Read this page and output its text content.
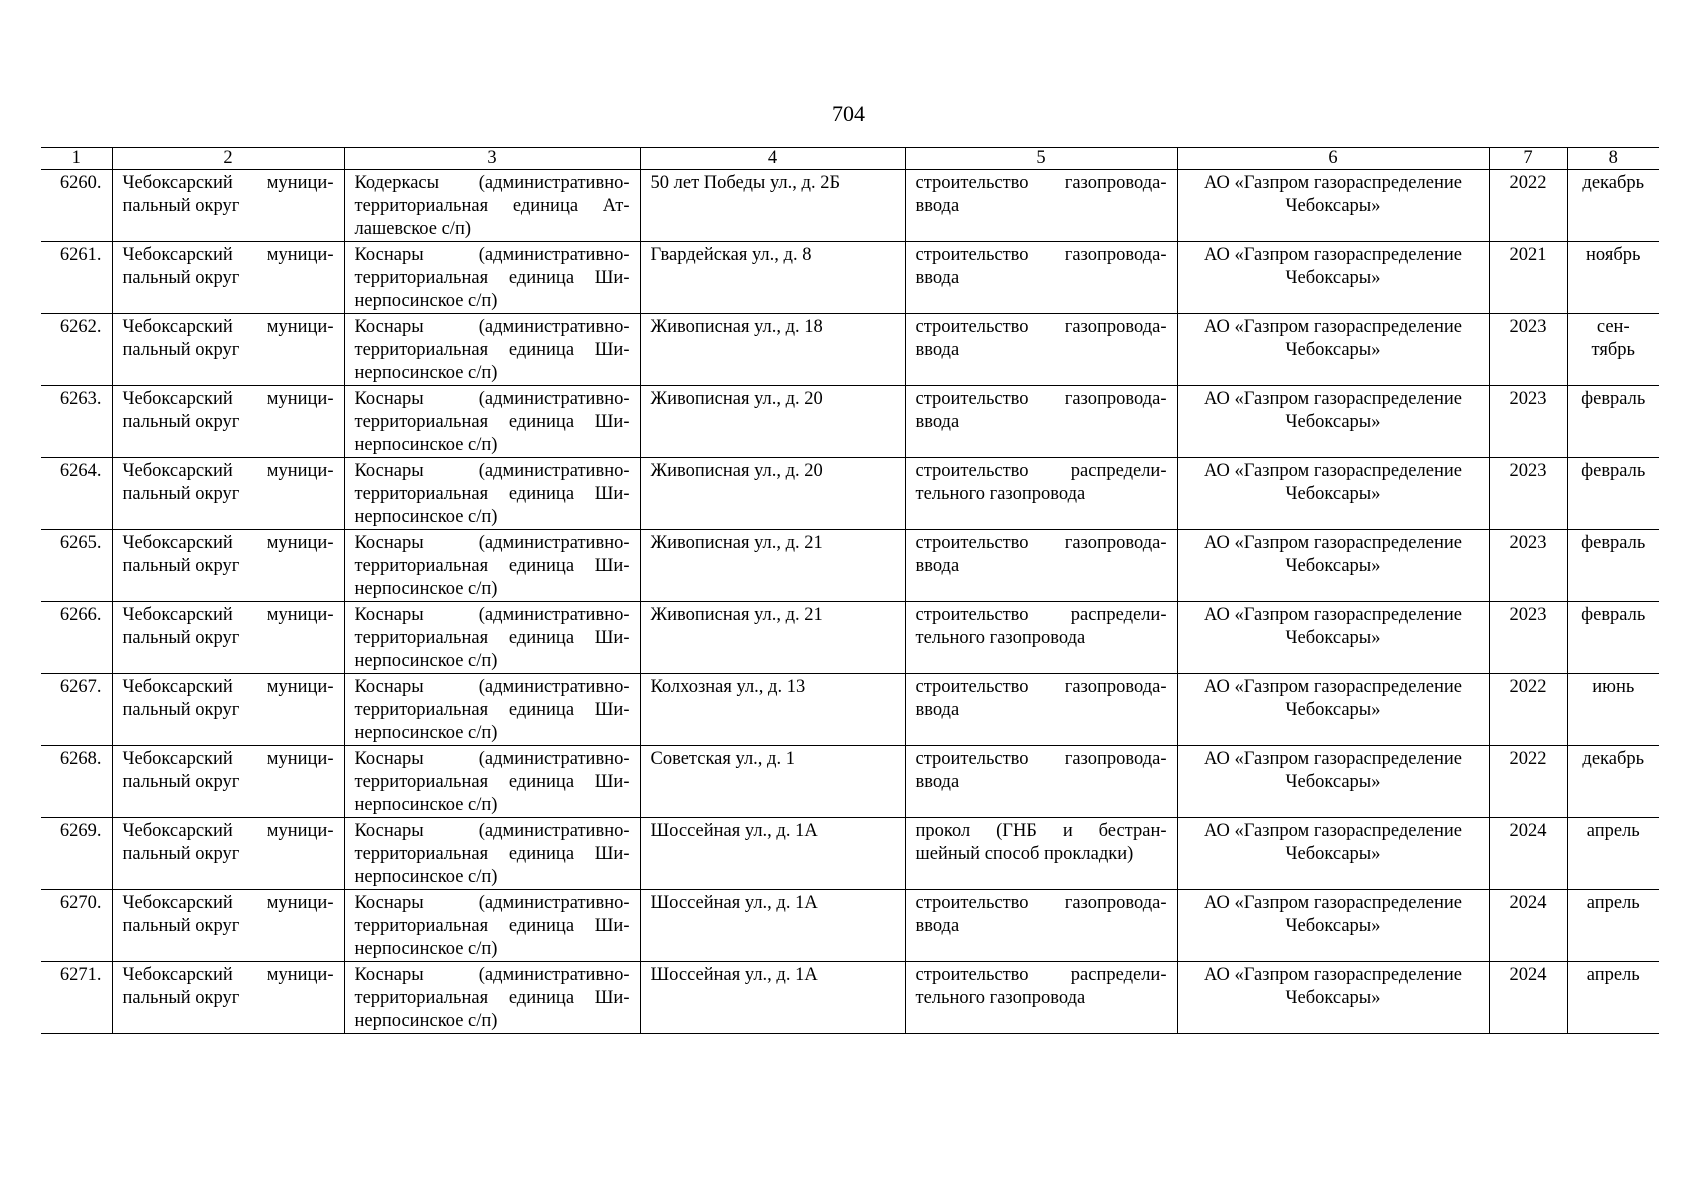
704
1	2	3	4	5	6	7	8
6260.	Чебоксарский муници-пальный округ	Кодеркасы (административно-территориальная единица Ат-лашевское с/п)	50 лет Победы ул., д. 2Б	строительство газопровода-ввода	АО «Газпром газораспределение Чебоксары»	2022	декабрь
6261.	Чебоксарский муници-пальный округ	Коснары (административно-территориальная единица Ши-нерпосинское с/п)	Гвардейская ул., д. 8	строительство газопровода-ввода	АО «Газпром газораспределение Чебоксары»	2021	ноябрь
6262.	Чебоксарский муници-пальный округ	Коснары (административно-территориальная единица Ши-нерпосинское с/п)	Живописная ул., д. 18	строительство газопровода-ввода	АО «Газпром газораспределение Чебоксары»	2023	сен-тябрь
6263.	Чебоксарский муници-пальный округ	Коснары (административно-территориальная единица Ши-нерпосинское с/п)	Живописная ул., д. 20	строительство газопровода-ввода	АО «Газпром газораспределение Чебоксары»	2023	февраль
6264.	Чебоксарский муници-пальный округ	Коснары (административно-территориальная единица Ши-нерпосинское с/п)	Живописная ул., д. 20	строительство распредели-тельного газопровода	АО «Газпром газораспределение Чебоксары»	2023	февраль
6265.	Чебоксарский муници-пальный округ	Коснары (административно-территориальная единица Ши-нерпосинское с/п)	Живописная ул., д. 21	строительство газопровода-ввода	АО «Газпром газораспределение Чебоксары»	2023	февраль
6266.	Чебоксарский муници-пальный округ	Коснары (административно-территориальная единица Ши-нерпосинское с/п)	Живописная ул., д. 21	строительство распредели-тельного газопровода	АО «Газпром газораспределение Чебоксары»	2023	февраль
6267.	Чебоксарский муници-пальный округ	Коснары (административно-территориальная единица Ши-нерпосинское с/п)	Колхозная ул., д. 13	строительство газопровода-ввода	АО «Газпром газораспределение Чебоксары»	2022	июнь
6268.	Чебоксарский муници-пальный округ	Коснары (административно-территориальная единица Ши-нерпосинское с/п)	Советская ул., д. 1	строительство газопровода-ввода	АО «Газпром газораспределение Чебоксары»	2022	декабрь
6269.	Чебоксарский муници-пальный округ	Коснары (административно-территориальная единица Ши-нерпосинское с/п)	Шоссейная ул., д. 1А	прокол (ГНБ и бестран-шейный способ прокладки)	АО «Газпром газораспределение Чебоксары»	2024	апрель
6270.	Чебоксарский муници-пальный округ	Коснары (административно-территориальная единица Ши-нерпосинское с/п)	Шоссейная ул., д. 1А	строительство газопровода-ввода	АО «Газпром газораспределение Чебоксары»	2024	апрель
6271.	Чебоксарский муници-пальный округ	Коснары (административно-территориальная единица Ши-нерпосинское с/п)	Шоссейная ул., д. 1А	строительство распредели-тельного газопровода	АО «Газпром газораспределение Чебоксары»	2024	апрель
